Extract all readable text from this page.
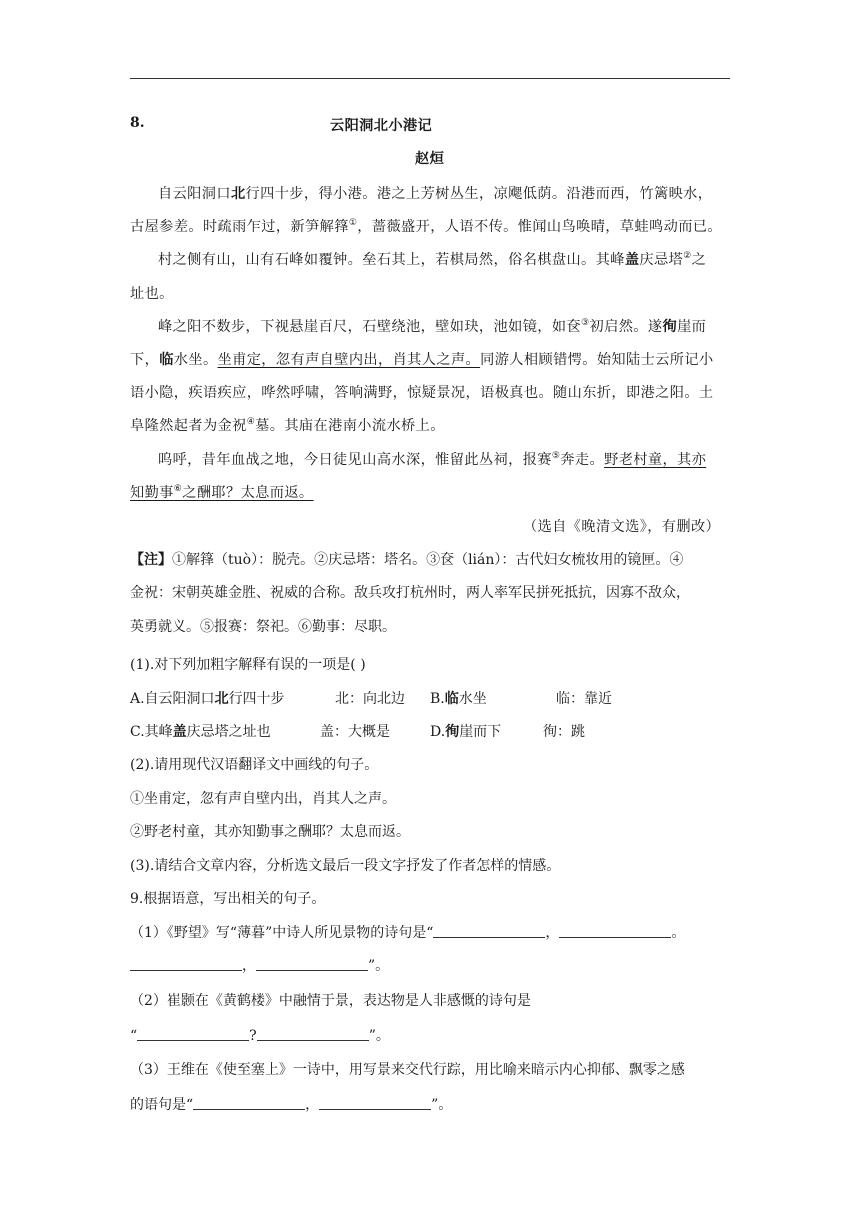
8.	云阳洞北小港记
赵烜
自云阳洞口北行四十步，得小港。港之上芳树丛生，凉飔低荫。沿港而西，竹篱映水，
古屋参差。时疏雨乍过，新笋解箨①，蔷薇盛开，人语不传。惟闻山鸟唤晴，草蛙鸣动而已。
村之侧有山，山有石峰如覆钟。垒石其上，若棋局然，俗名棋盘山。其峰盖庆忌塔②之
址也。
峰之阳不数步，下视悬崖百尺，石壁绕池，壁如玦，池如镜，如奁③初启然。遂徇崖而
下，临水坐。坐甫定，忽有声自壁内出，肖其人之声。同游人相顾错愕。始知陆士云所记小
语小隐，疾语疾应，哗然呼啸，答响满野，惊疑景况，语极真也。随山东折，即港之阳。土
阜隆然起者为金祝④墓。其庙在港南小流水桥上。
呜呼，昔年血战之地，今日徒见山高水深，惟留此丛祠，报赛⑤奔走。野老村童，其亦
知勤事⑥之酬耶？太息而返。
（选自《晚清文选》，有删改）
【注】①解箨（tuò）：脱壳。②庆忌塔：塔名。③奁（lián）：古代妇女梳妆用的镜匣。④
金祝：宋朝英雄金胜、祝威的合称。敌兵攻打杭州时，两人率军民拼死抵抗，因寡不敌众，
英勇就义。⑤报赛：祭祀。⑥勤事：尽职。
(1).对下列加粗字解释有误的一项是( )
A.自云阳洞口北行四十步	北：向北边 B.临水坐	临：靠近
C.其峰盖庆忌塔之址也	盖：大概是	D.徇崖而下	徇：跳
(2).请用现代汉语翻译文中画线的句子。
①坐甫定，忽有声自壁内出，肖其人之声。
②野老村童，其亦知勤事之酬耶？太息而返。
(3).请结合文章内容，分析选文最后一段文字抒发了作者怎样的情感。
9.根据语意，写出相关的句子。
（1）《野望》写“薄暮”中诗人所见景物的诗句是“	，	。
，	”。
（2）崔颢在《黄鹤楼》中融情于景，表达物是人非感慨的诗句是
“	?	”。
（3）王维在《使至塞上》一诗中，用写景来交代行踪，用比喻来暗示内心抑郁、飘零之感
的语句是“	，	”。
